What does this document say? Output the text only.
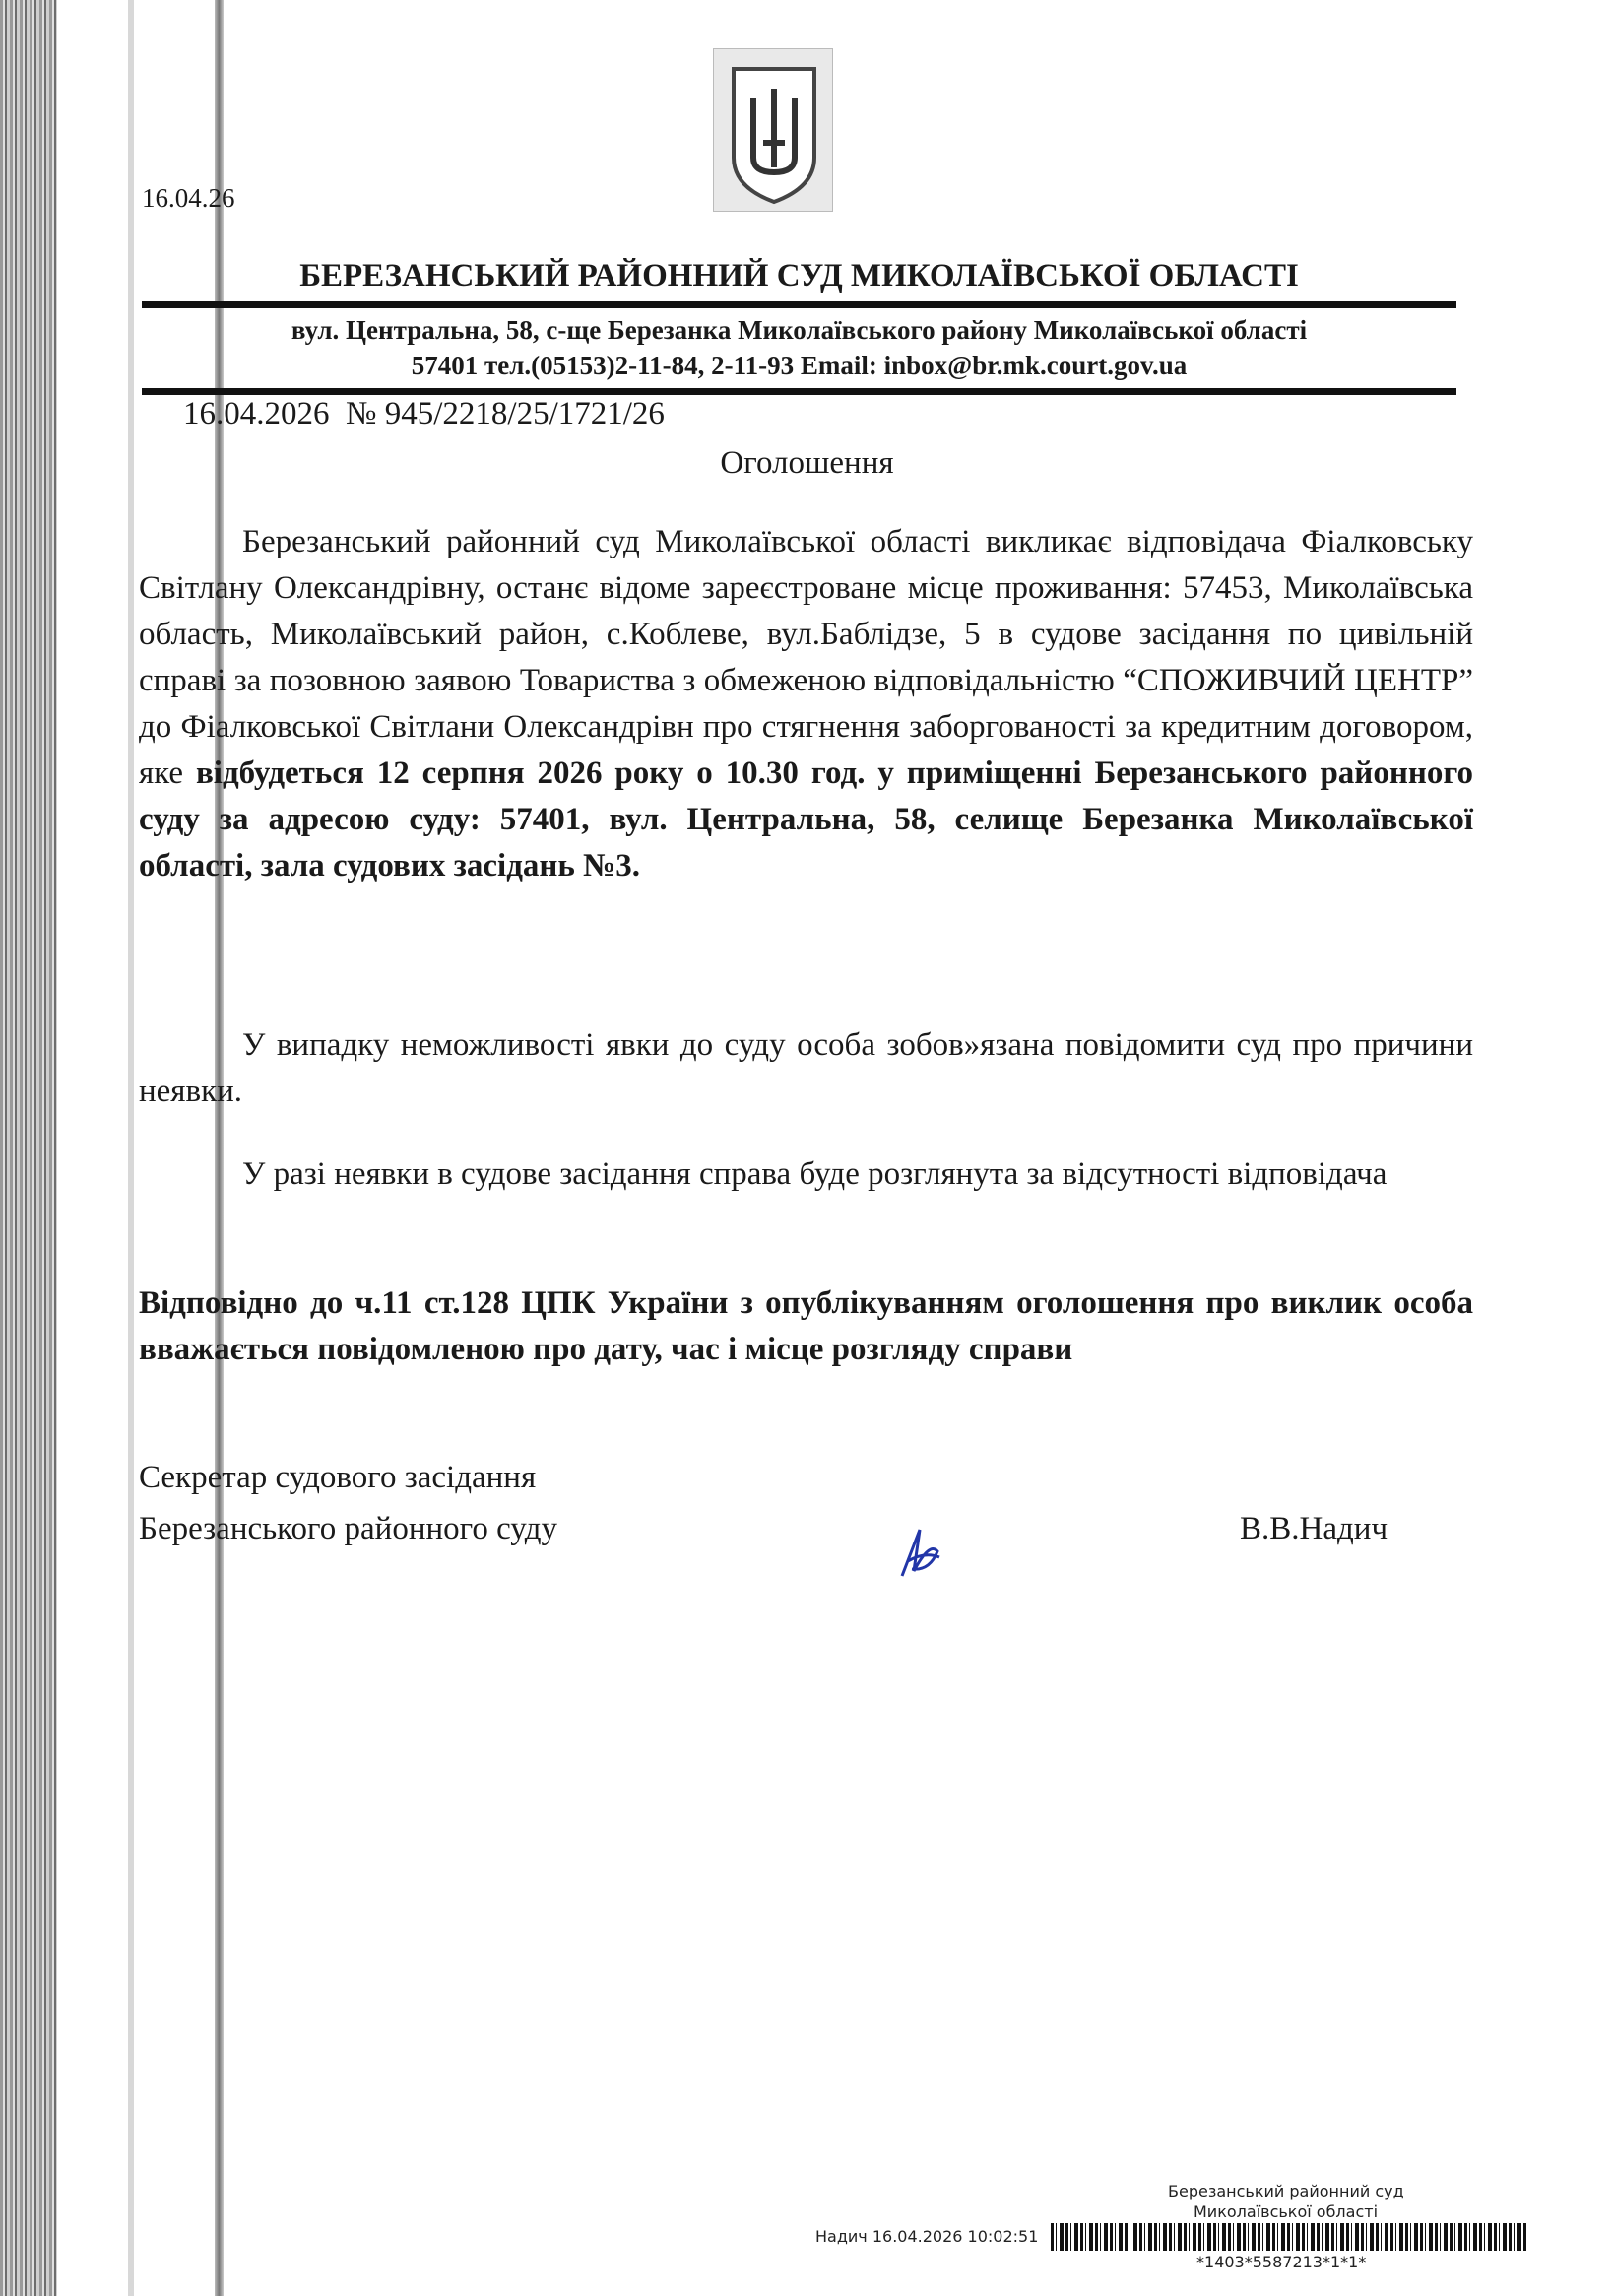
16.04.26
БЕРЕЗАНСЬКИЙ РАЙОННИЙ СУД МИКОЛАЇВСЬКОЇ ОБЛАСТІ
вул. Центральна, 58, с-ще Березанка Миколаївського району Миколаївської області
57401 тел.(05153)2-11-84, 2-11-93 Email: inbox@br.mk.court.gov.ua
16.04.2026  № 945/2218/25/1721/26
Оголошення
Березанський районний суд Миколаївської області викликає відповідача Фіалковську Світлану Олександрівну, останє відоме зареєстроване місце проживання: 57453, Миколаївська область, Миколаївський район, с.Коблеве, вул.Баблідзе, 5 в судове засідання по цивільній справі за позовною заявою Товариства з обмеженою відповідальністю “СПОЖИВЧИЙ ЦЕНТР” до Фіалковської Світлани Олександрівн про стягнення заборгованості за кредитним договором, яке відбудеться 12 серпня 2026 року о 10.30 год. у приміщенні Березанського районного суду за адресою суду: 57401, вул. Центральна, 58, селище Березанка Миколаївської області, зала судових засідань №3.
У випадку неможливості явки до суду особа зобов»язана повідомити суд про причини неявки.
У разі неявки в судове засідання справа буде розглянута за відсутності відповідача
Відповідно до ч.11 ст.128 ЦПК України з опублікуванням оголошення про виклик особа вважається повідомленою про дату, час і місце розгляду справи
Секретар судового засідання
Березанського районного суду	В.В.Надич
Березанський районний суд
Миколаївської області
Надич 16.04.2026 10:02:51
*1403*5587213*1*1*
